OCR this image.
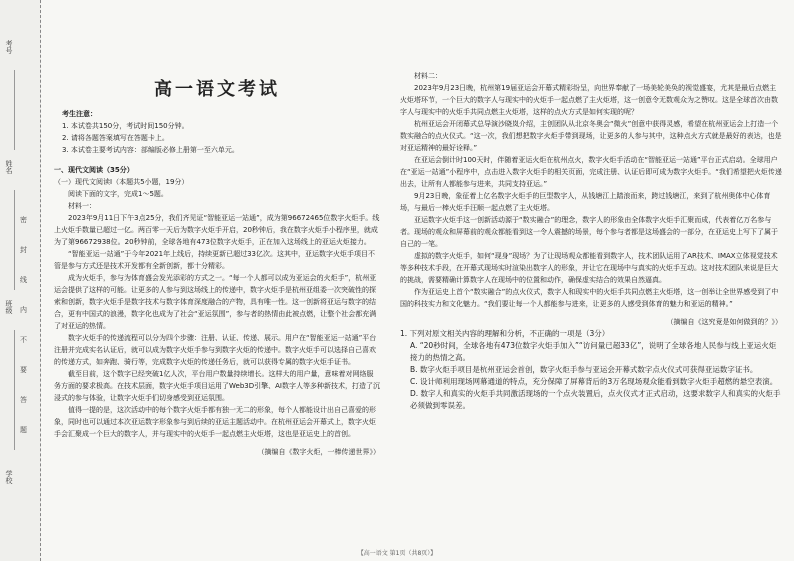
考号
姓名
班级
学校
密
封
线
内
不
要
答
题
高一语文考试

考生注意：

1. 本试卷共150分，考试时间150分钟。

2. 请将各题答案填写在答题卡上。

3. 本试卷主要考试内容：部编版必修上册第一至六单元。

一、现代文阅读（35分）

（一）现代文阅读Ⅰ（本题共5小题，19分）

阅读下面的文字，完成1～5题。

材料一：

2023年9月11日下午3点25分，我们齐见证“智能亚运一站通”，成为第96672465位数字火炬手。线上火炬手数量已超过一亿。两百零一天后为数字火炬手开启，20秒钟后，我在数字火炬手小程序里，就成为了第96672938位。20秒钟前，全球各地有473位数字火炬手，正在加入这场线上的亚运火炬接力。

“智能亚运一站通”于今年2021年上线后，持续更新已超过33亿次。这其中，亚运数字火炬手项目不管是参与方式还是技术开发都有全新创新，都十分精彩。

成为火炬手，参与为体育盛会发光添彩的方式之一。“每一个人都可以成为亚运会的火炬手”，杭州亚运会提供了这样的可能。让更多的人参与到这场线上的传递中，数字火炬手是杭州亚组委一次突破性的探索和创新，数字火炬手是数字技术与数字体育深度融合的产物，具有唯一性。这一创新将亚运与数字的结合，更有中国式的浪漫，数字化也成为了社会“亚运氛围”，参与者的热情由此被点燃，让整个社会都充满了对亚运的热情。

数字火炬手的传递流程可以分为四个步骤：注册、认证、传递、展示。用户在“智能亚运一站通”平台注册并完成实名认证后，就可以成为数字火炬手参与到数字火炬的传递中。数字火炬手可以选择自己喜欢的传递方式，如奔跑、骑行等，完成数字火炬的传递任务后，就可以获得专属的数字火炬手证书。

截至目前，这个数字已经突破1亿人次，平台用户数量持续增长。这样大的用户量，意味着对网络服务方面的要求极高。在技术层面，数字火炬手项目运用了Web3D引擎、AI数字人等多种新技术，打造了沉浸式的参与体验，让数字火炬手们切身感受到亚运氛围。

值得一提的是，这次活动中的每个数字火炬手都有独一无二的形象，每个人都能设计出自己喜爱的形象，同时也可以通过本次亚运数字形象参与到后续的亚运主题活动中。在杭州亚运会开幕式上，数字火炬手会汇聚成一个巨大的数字人，并与现实中的火炬手一起点燃主火炬塔，这也是亚运史上的首创。

（摘编自《数字火炬，一棒传递世界》）

材料二：

2023年9月23日晚，杭州第19届亚运会开幕式精彩纷呈，向世界奉献了一场美轮美奂的视觉盛宴，尤其是最后点燃主火炬塔环节，一个巨大的数字人与现实中的火炬手一起点燃了主火炬塔，这一创意令无数观众为之赞叹。这是全球首次由数字人与现实中的火炬手共同点燃主火炬塔，这样的点火方式是如何实现的呢？

杭州亚运会开闭幕式总导演沙晓岚介绍，主创团队从北京冬奥会“微火”创意中获得灵感，希望在杭州亚运会上打造一个数实融合的点火仪式。“这一次，我们想把数字火炬手带到现场，让更多的人参与其中，这种点火方式就是最好的表达，也是对亚运精神的最好诠释。”

在亚运会倒计时100天时，伴随着亚运火炬在杭州点火，数字火炬手活动在“智能亚运一站通”平台正式启动。全球用户在“亚运一站通”小程序中，点击进入数字火炬手的相关页面，完成注册、认证后即可成为数字火炬手。“我们希望把火炬传递出去，让所有人都能参与进来，共同支持亚运。”

9月23日晚，象征着上亿名数字火炬手的巨型数字人，从钱塘江上踏浪而来，跨过钱塘江，来到了杭州奥体中心体育场，与最后一棒火炬手汪顺一起点燃了主火炬塔。

亚运数字火炬手这一创新活动源于“数实融合”的理念，数字人的形象由全体数字火炬手汇聚而成，代表着亿万名参与者。现场的观众和屏幕前的观众都能看到这一令人震撼的场景，每个参与者都是这场盛会的一部分，在亚运史上写下了属于自己的一笔。

虚拟的数字火炬手，如何“现身”现场？为了让现场观众都能看到数字人，技术团队运用了AR技术、IMAX立体视觉技术等多种技术手段，在开幕式现场实时渲染出数字人的形象，并让它在现场中与真实的火炬手互动。这对技术团队来说是巨大的挑战，需要精确计算数字人在现场中的位置和动作，确保虚实结合的效果自然逼真。

作为亚运史上首个“数实融合”的点火仪式，数字人和现实中的火炬手共同点燃主火炬塔，这一创举让全世界感受到了中国的科技实力和文化魅力。“我们要让每一个人都能参与进来，让更多的人感受到体育的魅力和亚运的精神。”

（摘编自《这究竟是如何做到的？》）

1. 下列对原文相关内容的理解和分析，不正确的一项是（3分）

A. “20秒时间，全球各地有473位数字火炬手加入”“访问量已超33亿”，说明了全球各地人民参与线上亚运火炬接力的热情之高。

B. 数字火炬手项目是杭州亚运会首创，数字火炬手参与亚运会开幕式数字点火仪式可获得亚运数字证书。

C. 设计师利用现场网幕通道的特点，充分保障了屏幕背后的3万名现场观众能看到数字火炬手超燃的悬空表演。

D. 数字人和真实的火炬手共同激活现场的一个点火装置后，点火仪式才正式启动，这要求数字人和真实的火炬手必须做到零误差。

【高一语文 第1页（共8页）】
